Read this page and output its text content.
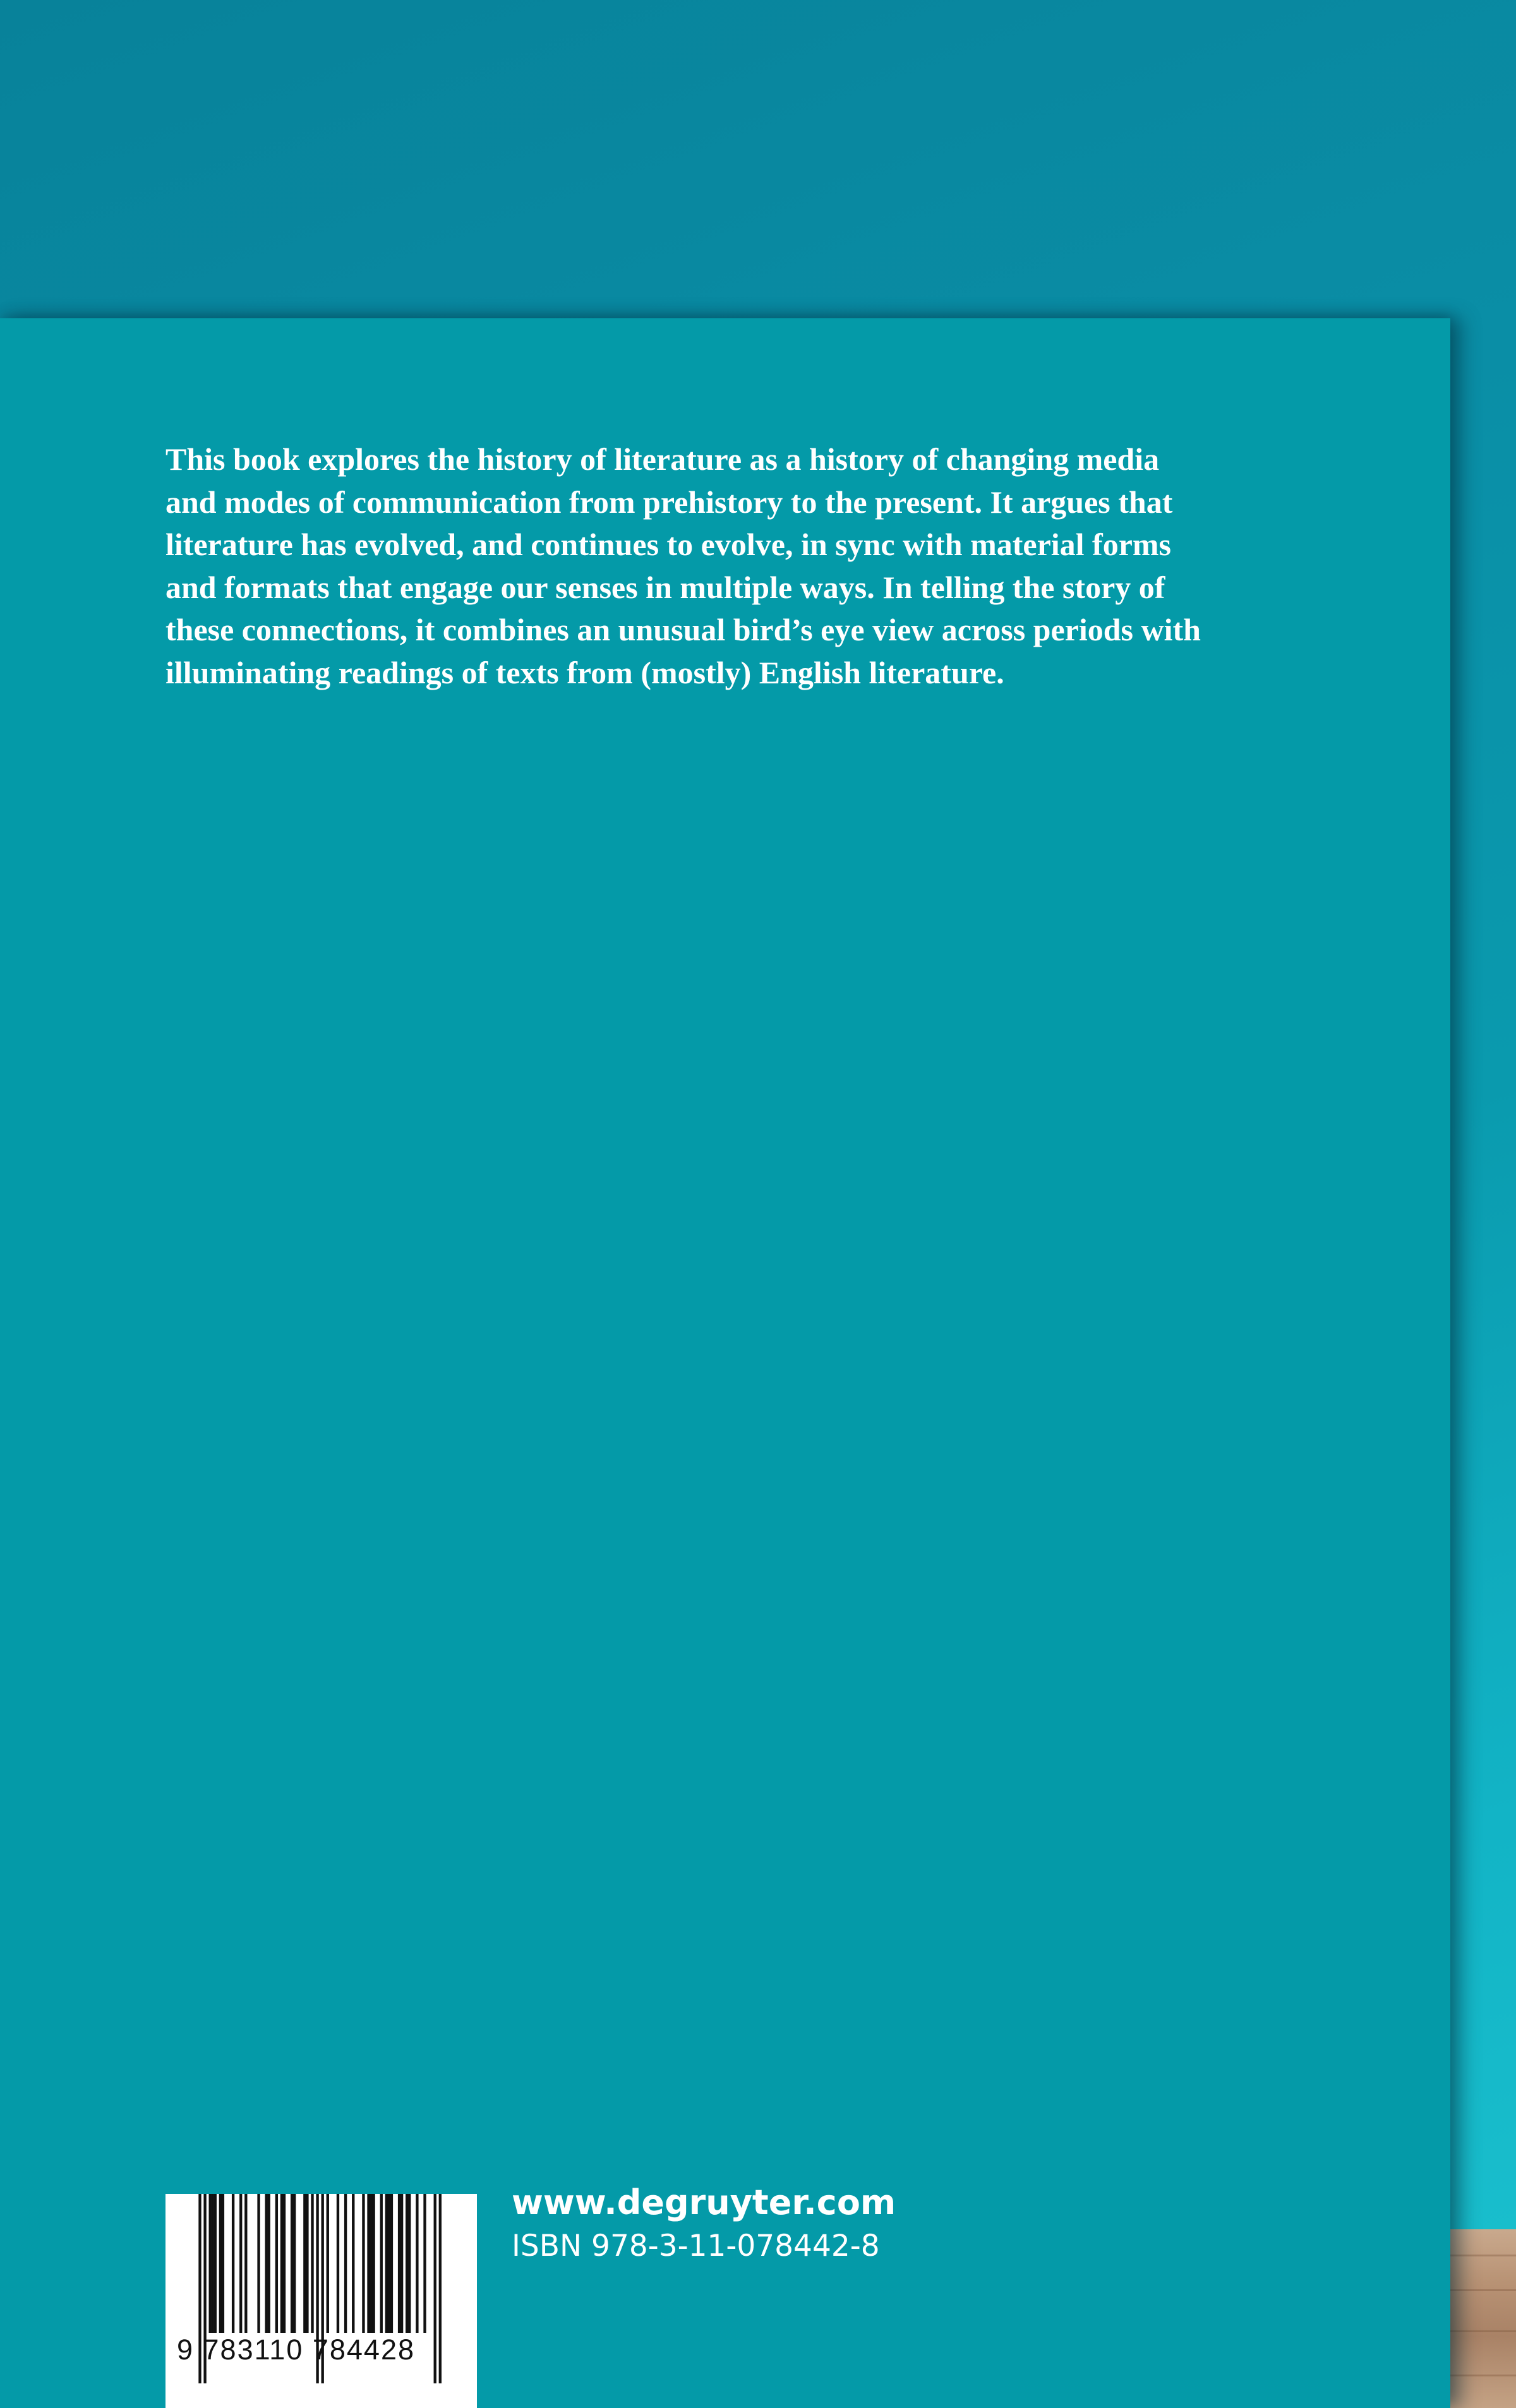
This book explores the history of literature as a history of changing media
and modes of communication from prehistory to the present. It argues that
literature has evolved, and continues to evolve, in sync with material forms
and formats that engage our senses in multiple ways. In telling the story of
these connections, it combines an unusual bird’s eye view across periods with
illuminating readings of texts from (mostly) English literature.

9 783110 784428

www.degruyter.com

ISBN 978-3-11-078442-8
